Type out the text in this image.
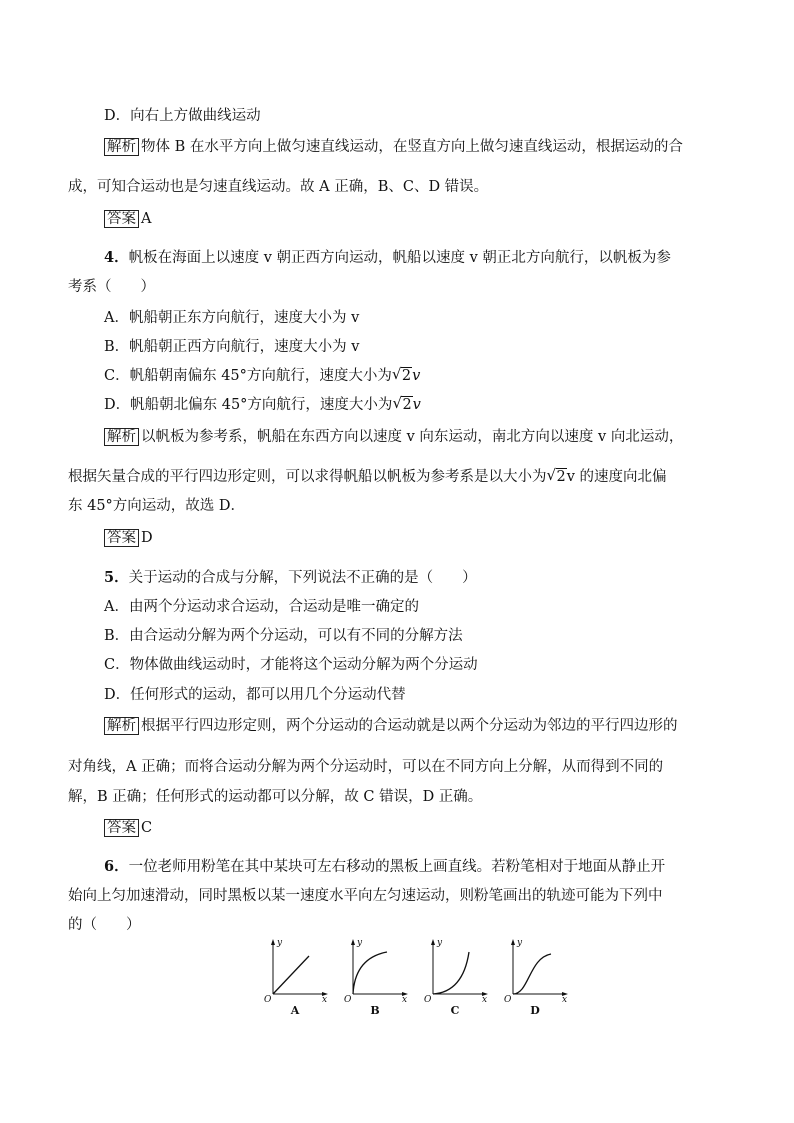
D．向右上方做曲线运动
解析 物体 B 在水平方向上做匀速直线运动，在竖直方向上做匀速直线运动，根据运动的合
成，可知合运动也是匀速直线运动。故 A 正确，B、C、D 错误。
答案 A
4．帆板在海面上以速度 v 朝正西方向运动，帆船以速度 v 朝正北方向航行，以帆板为参
考系（　　）
A．帆船朝正东方向航行，速度大小为 v
B．帆船朝正西方向航行，速度大小为 v
C．帆船朝南偏东 45°方向航行，速度大小为 √ 2v
D．帆船朝北偏东 45°方向航行，速度大小为 √ 2v
解析 以帆板为参考系，帆船在东西方向以速度 v 向东运动，南北方向以速度 v 向北运动，
根据矢量合成的平行四边形定则，可以求得帆船以帆板为参考系是以大小为 √ 2v 的速度向北偏
东 45°方向运动，故选 D．
答案 D
5．关于运动的合成与分解，下列说法不正确的是（　　）
A．由两个分运动求合运动，合运动是唯一确定的
B．由合运动分解为两个分运动，可以有不同的分解方法
C．物体做曲线运动时，才能将这个运动分解为两个分运动
D．任何形式的运动，都可以用几个分运动代替
解析 根据平行四边形定则，两个分运动的合运动就是以两个分运动为邻边的平行四边形的
对角线，A 正确；而将合运动分解为两个分运动时，可以在不同方向上分解，从而得到不同的
解，B 正确；任何形式的运动都可以分解，故 C 错误，D 正确。
答案 C
6．一位老师用粉笔在其中某块可左右移动的黑板上画直线。若粉笔相对于地面从静止开
始向上匀加速滑动，同时黑板以某一速度水平向左匀速运动，则粉笔画出的轨迹可能为下列中
的（　　）
y
x
O
A
y
x
O
B
y
x
O
C
y
x
O
D
